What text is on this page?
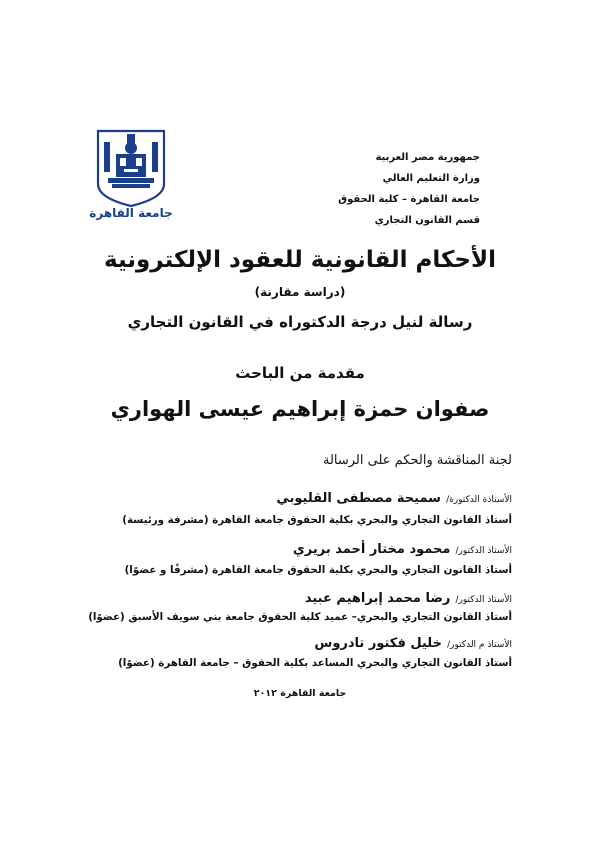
جامعة القاهرة
جمهورية مصر العربية
وزارة التعليم العالي
جامعة القاهرة – كلية الحقوق
قسم القانون التجاري
الأحكام القانونية للعقود الإلكترونية
(دراسة مقارنة)
رسالة لنيل درجة الدكتوراه في القانون التجاري
مقدمة من الباحث
صفوان حمزة إبراهيم عيسى الهواري
لجنة المناقشة والحكم على الرسالة
الأستاذة الدكتورة/ سميحة مصطفى القليوبي
أستاذ القانون التجاري والبحري بكلية الحقوق جامعة القاهرة (مشرفة ورئيسة)
الأستاذ الدكتور/ محمود مختار أحمد بريري
أستاذ القانون التجاري والبحري بكلية الحقوق جامعة القاهرة (مشرفًا و عضوًا)
الأستاذ الدكتور/ رضا محمد إبراهيم عبيد
أستاذ القانون التجاري والبحري– عميد كلية الحقوق جامعة بني سويف الأسبق (عضوًا)
الأستاذ م الدكتور/ خليل فكتور تادروس
أستاذ القانون التجاري والبحري المساعد بكلية الحقوق – جامعة القاهرة (عضوًا)
جامعة القاهرة ٢٠١٢
